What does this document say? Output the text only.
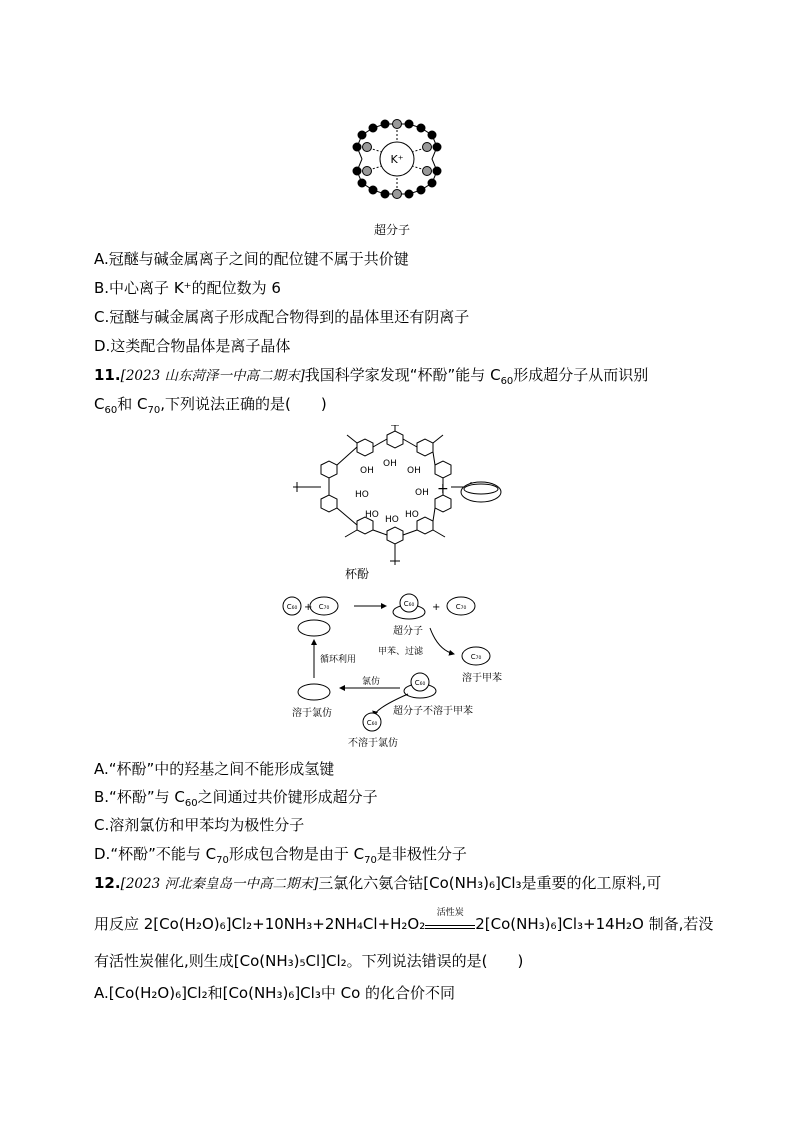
K⁺
超分子
A.冠醚与碱金属离子之间的配位键不属于共价键
B.中心离子 K⁺的配位数为 6
C.冠醚与碱金属离子形成配合物得到的晶体里还有阴离子
D.这类配合物晶体是离子晶体
11.[2023 山东菏泽一中高二期末]我国科学家发现“杯酚”能与 $C_{60}$形成超分子从而识别
$C_{60}$和 $C_{70}$,下列说法正确的是(　　)
OH
OH
OH
OH
HO
HO HO HO
+
杯酚
C₆₀	C₇₀	C₆₀	C₇₀
C₇₀
C₆₀
C₆₀
+	+
超分子
甲苯、过滤
溶于甲苯
循环利用
氯仿
溶于氯仿	超分子不溶于甲苯
不溶于氯仿
A.“杯酚”中的羟基之间不能形成氢键
B.“杯酚”与 $C_{60}$之间通过共价键形成超分子
C.溶剂氯仿和甲苯均为极性分子
D.“杯酚”不能与 $C_{70}$形成包合物是由于 $C_{70}$是非极性分子
12.[2023 河北秦皇岛一中高二期末]三氯化六氨合钴[Co(NH₃)₆]Cl₃是重要的化工原料,可
用反应 2[Co(H₂O)₆]Cl₂+10NH₃+2NH₄Cl+H₂O₂
活性炭
2[Co(NH₃)₆]Cl₃+14H₂O 制备,若没
有活性炭催化,则生成[Co(NH₃)₅Cl]Cl₂。下列说法错误的是(　　)
A.[Co(H₂O)₆]Cl₂和[Co(NH₃)₆]Cl₃中 Co 的化合价不同
